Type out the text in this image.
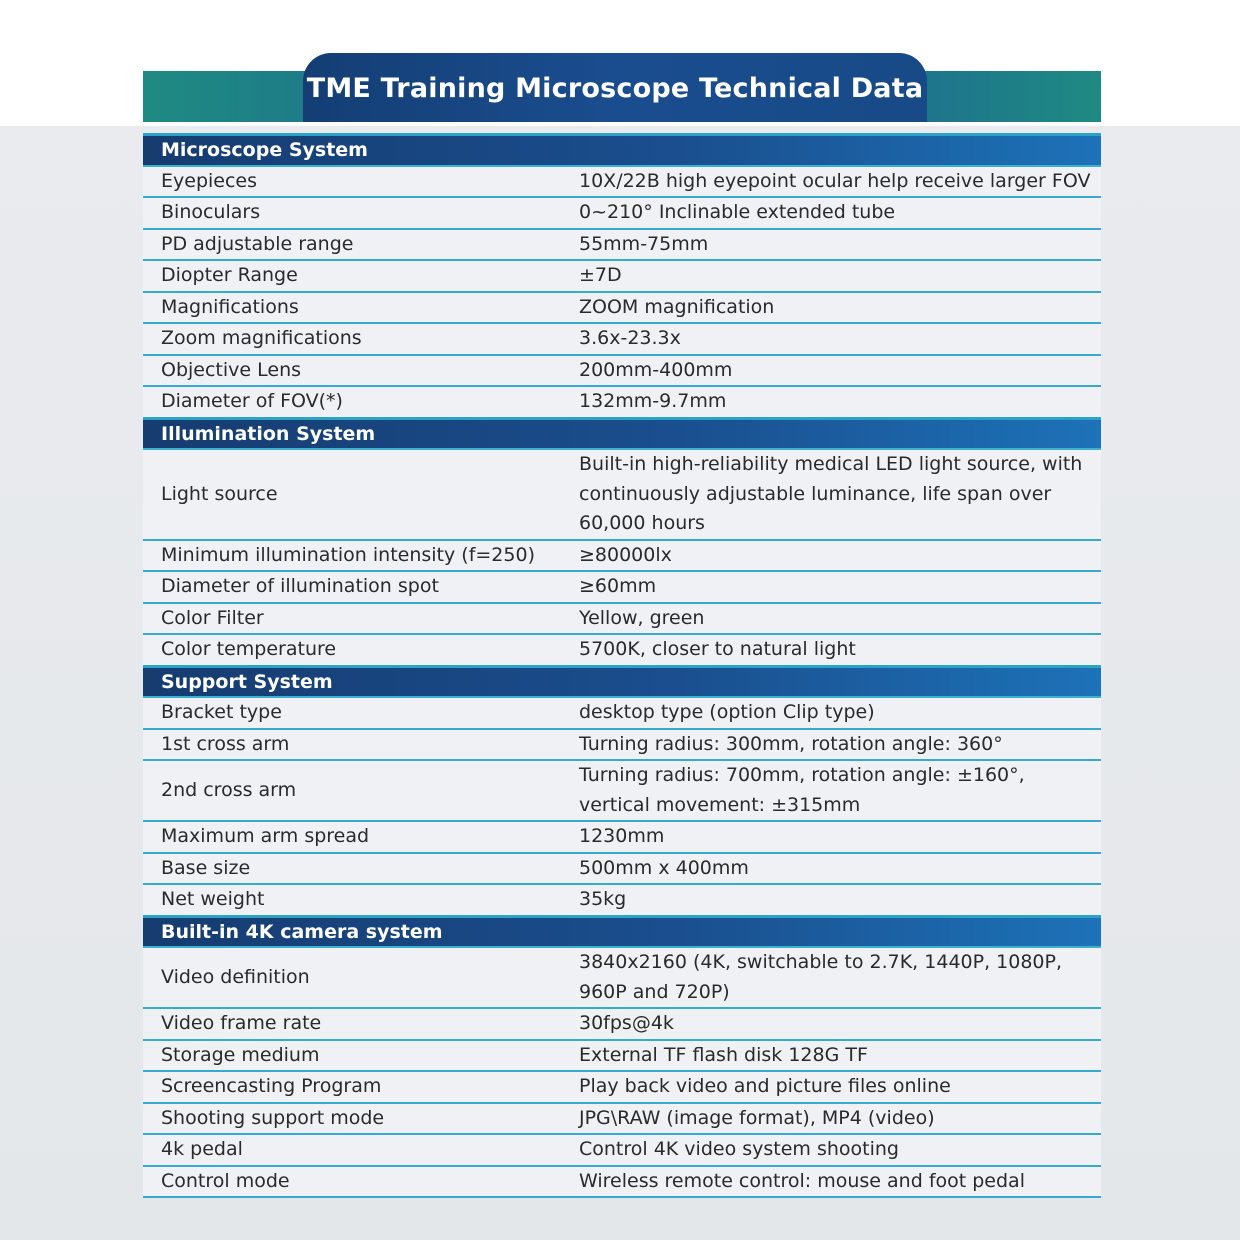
TME Training Microscope Technical Data
Microscope System	
Eyepieces	10X/22B high eyepoint ocular help receive larger FOV
Binoculars	0~210° Inclinable extended tube
PD adjustable range	55mm-75mm
Diopter Range	±7D
Magnifications	ZOOM magnification
Zoom magnifications	3.6x-23.3x
Objective Lens	200mm-400mm
Diameter of FOV(*)	132mm-9.7mm
Illumination System	
Light source	Built-in high-reliability medical LED light source, with continuously adjustable luminance, life span over 60,000 hours
Minimum illumination intensity (f=250)	≥80000lx
Diameter of illumination spot	≥60mm
Color Filter	Yellow, green
Color temperature	5700K, closer to natural light
Support System	
Bracket type	desktop type (option Clip type)
1st cross arm	Turning radius: 300mm, rotation angle: 360°
2nd cross arm	Turning radius: 700mm, rotation angle: ±160°, vertical movement: ±315mm
Maximum arm spread	1230mm
Base size	500mm x 400mm
Net weight	35kg
Built-in 4K camera system	
Video definition	3840x2160 (4K, switchable to 2.7K, 1440P, 1080P, 960P and 720P)
Video frame rate	30fps@4k
Storage medium	External TF flash disk 128G TF
Screencasting Program	Play back video and picture files online
Shooting support mode	JPG\RAW (image format), MP4 (video)
4k pedal	Control 4K video system shooting
Control mode	Wireless remote control: mouse and foot pedal
